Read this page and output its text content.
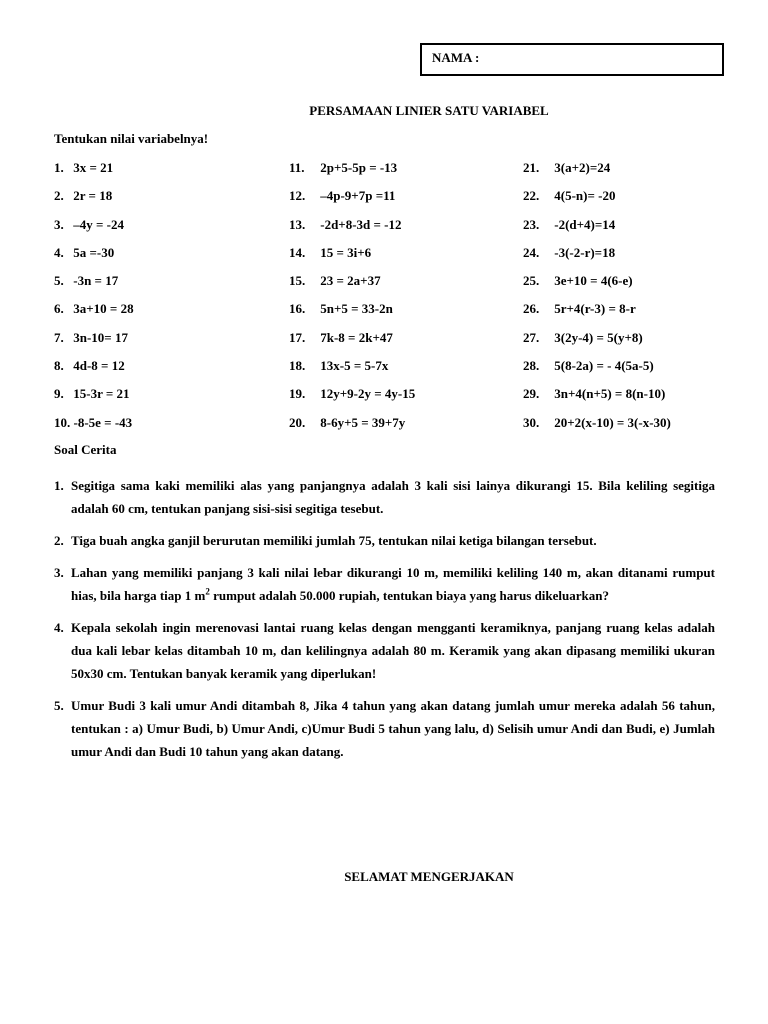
NAMA :
PERSAMAAN LINIER SATU VARIABEL
Tentukan nilai variabelnya!
1. 3x = 21
2. 2r = 18
3. –4y = -24
4. 5a =-30
5. -3n = 17
6. 3a+10 = 28
7. 3n-10= 17
8. 4d-8 = 12
9. 15-3r = 21
10. -8-5e = -43
11. 2p+5-5p = -13
12. –4p-9+7p =11
13. -2d+8-3d = -12
14. 15 = 3i+6
15. 23 = 2a+37
16. 5n+5 = 33-2n
17. 7k-8 = 2k+47
18. 13x-5 = 5-7x
19. 12y+9-2y = 4y-15
20. 8-6y+5 = 39+7y
21. 3(a+2)=24
22. 4(5-n)= -20
23. -2(d+4)=14
24. -3(-2-r)=18
25. 3e+10 = 4(6-e)
26. 5r+4(r-3) = 8-r
27. 3(2y-4) = 5(y+8)
28. 5(8-2a) = - 4(5a-5)
29. 3n+4(n+5) = 8(n-10)
30. 20+2(x-10) = 3(-x-30)
Soal Cerita
1. Segitiga sama kaki memiliki alas yang panjangnya adalah 3 kali sisi lainya dikurangi 15. Bila keliling segitiga adalah 60 cm, tentukan panjang sisi-sisi segitiga tesebut.
2. Tiga buah angka ganjil berurutan memiliki jumlah 75, tentukan nilai ketiga bilangan tersebut.
3. Lahan yang memiliki panjang 3 kali nilai lebar dikurangi 10 m, memiliki keliling 140 m, akan ditanami rumput hias, bila harga tiap 1 $m^2$ rumput adalah 50.000 rupiah, tentukan biaya yang harus dikeluarkan?
4. Kepala sekolah ingin merenovasi lantai ruang kelas dengan mengganti keramiknya, panjang ruang kelas adalah dua kali lebar kelas ditambah 10 m, dan kelilingnya adalah 80 m. Keramik yang akan dipasang memiliki ukuran 50x30 cm. Tentukan banyak keramik yang diperlukan!
5. Umur Budi 3 kali umur Andi ditambah 8, Jika 4 tahun yang akan datang jumlah umur mereka adalah 56 tahun, tentukan : a) Umur Budi, b) Umur Andi, c)Umur Budi 5 tahun yang lalu, d) Selisih umur Andi dan Budi, e) Jumlah umur Andi dan Budi 10 tahun yang akan datang.
SELAMAT MENGERJAKAN
